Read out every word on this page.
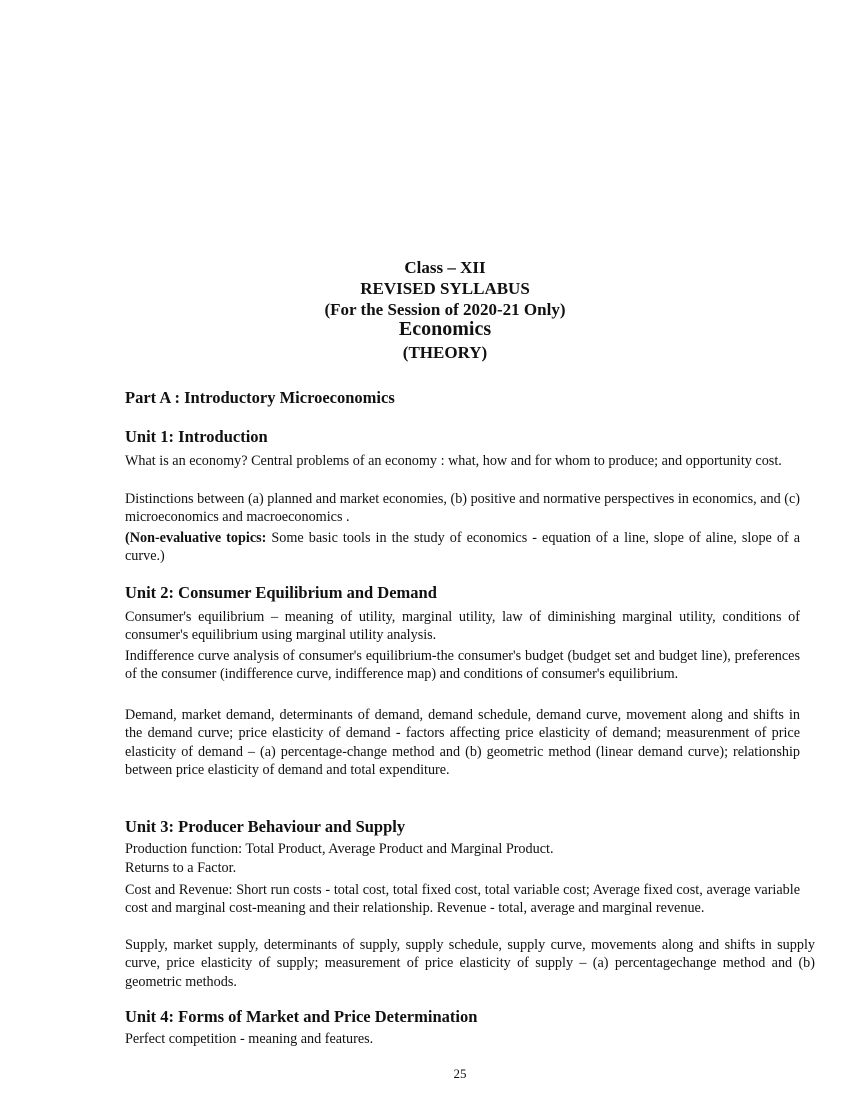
Class – XII
REVISED SYLLABUS
(For the Session of 2020-21 Only)
Economics
(THEORY)
Part A : Introductory Microeconomics
Unit 1: Introduction

What is an economy? Central problems of an economy : what, how and for whom to produce; and opportunity cost.

Distinctions between (a) planned and market economies, (b) positive and normative perspectives in economics, and (c) microeconomics and macroeconomics .

(Non-evaluative topics: Some basic tools in the study of economics - equation of a line, slope of aline, slope of a curve.)

Unit 2: Consumer Equilibrium and Demand

Consumer's equilibrium – meaning of utility, marginal utility, law of diminishing marginal utility, conditions of consumer's equilibrium using marginal utility analysis.

Indifference curve analysis of consumer's equilibrium-the consumer's budget (budget set and budget line), preferences of the consumer (indifference curve, indifference map) and conditions of consumer's equilibrium.

Demand, market demand, determinants of demand, demand schedule, demand curve, movement along and shifts in the demand curve; price elasticity of demand - factors affecting price elasticity of demand; measurenment of price elasticity of demand – (a) percentage-change method and (b) geometric method (linear demand curve); relationship between price elasticity of demand and total expenditure.

Unit 3: Producer Behaviour and Supply

Production function: Total Product, Average Product and Marginal Product.

Returns to a Factor.

Cost and Revenue: Short run costs - total cost, total fixed cost, total variable cost; Average fixed cost, average variable cost and marginal cost-meaning and their relationship. Revenue - total, average and marginal revenue.

Supply, market supply, determinants of supply, supply schedule, supply curve, movements along and shifts in supply curve, price elasticity of supply; measurement of price elasticity of supply – (a) percentagechange method and (b) geometric methods.

Unit 4: Forms of Market and Price Determination

Perfect competition - meaning and features.

25
